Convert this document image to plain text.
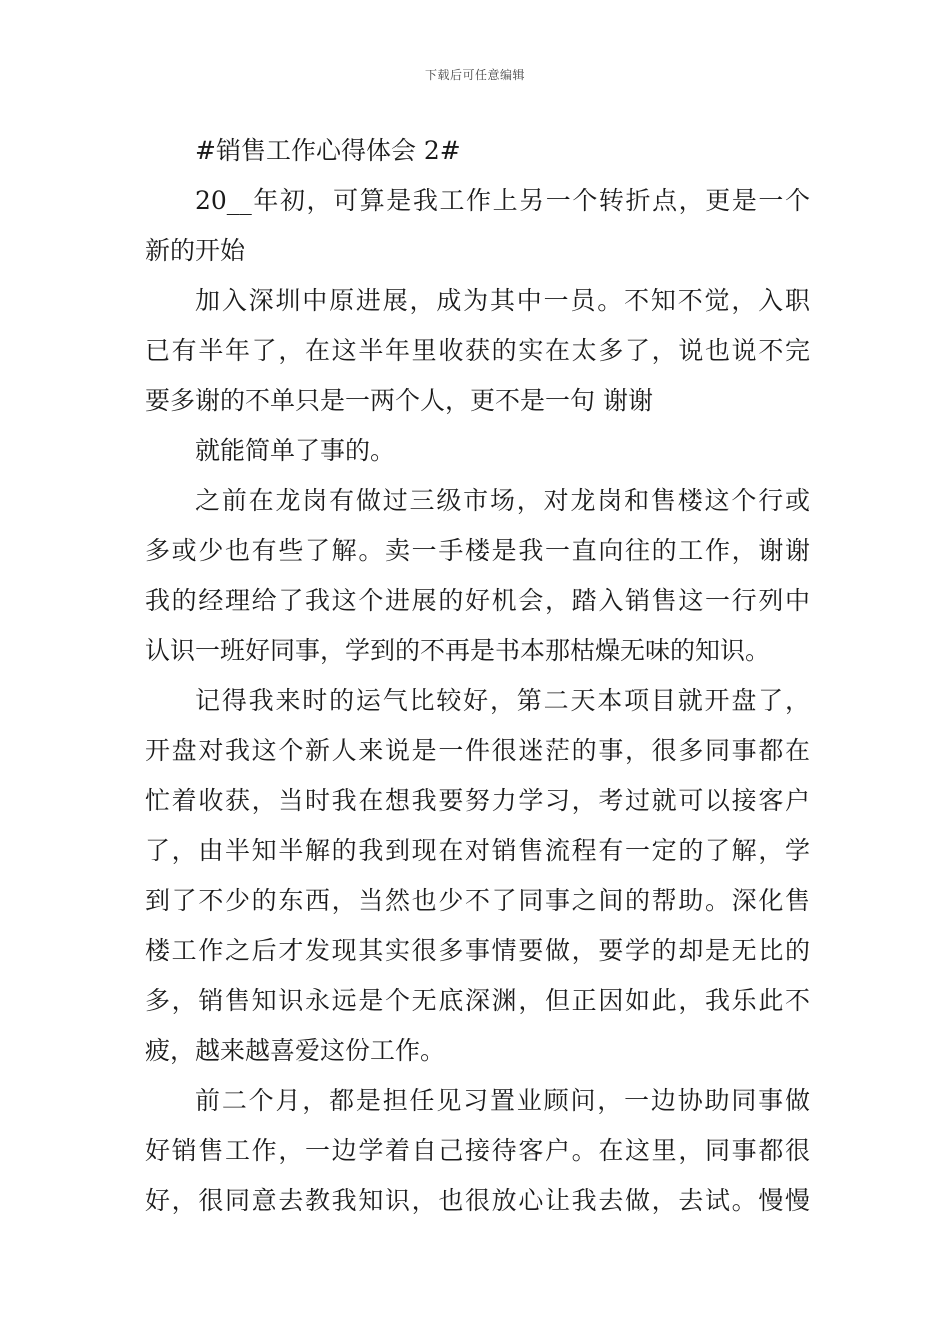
下载后可任意编辑
#销售工作心得体会 2#
20__年初，可算是我工作上另一个转折点，更是一个
新的开始
加入深圳中原进展，成为其中一员。不知不觉，入职
已有半年了，在这半年里收获的实在太多了，说也说不完
要多谢的不单只是一两个人，更不是一句 谢谢
就能简单了事的。
之前在龙岗有做过三级市场，对龙岗和售楼这个行或
多或少也有些了解。卖一手楼是我一直向往的工作，谢谢
我的经理给了我这个进展的好机会，踏入销售这一行列中
认识一班好同事，学到的不再是书本那枯燥无味的知识。
记得我来时的运气比较好，第二天本项目就开盘了，
开盘对我这个新人来说是一件很迷茫的事，很多同事都在
忙着收获，当时我在想我要努力学习，考过就可以接客户
了，由半知半解的我到现在对销售流程有一定的了解，学
到了不少的东西，当然也少不了同事之间的帮助。深化售
楼工作之后才发现其实很多事情要做，要学的却是无比的
多，销售知识永远是个无底深渊，但正因如此，我乐此不
疲，越来越喜爱这份工作。
前二个月，都是担任见习置业顾问，一边协助同事做
好销售工作，一边学着自己接待客户。在这里，同事都很
好，很同意去教我知识，也很放心让我去做，去试。慢慢
